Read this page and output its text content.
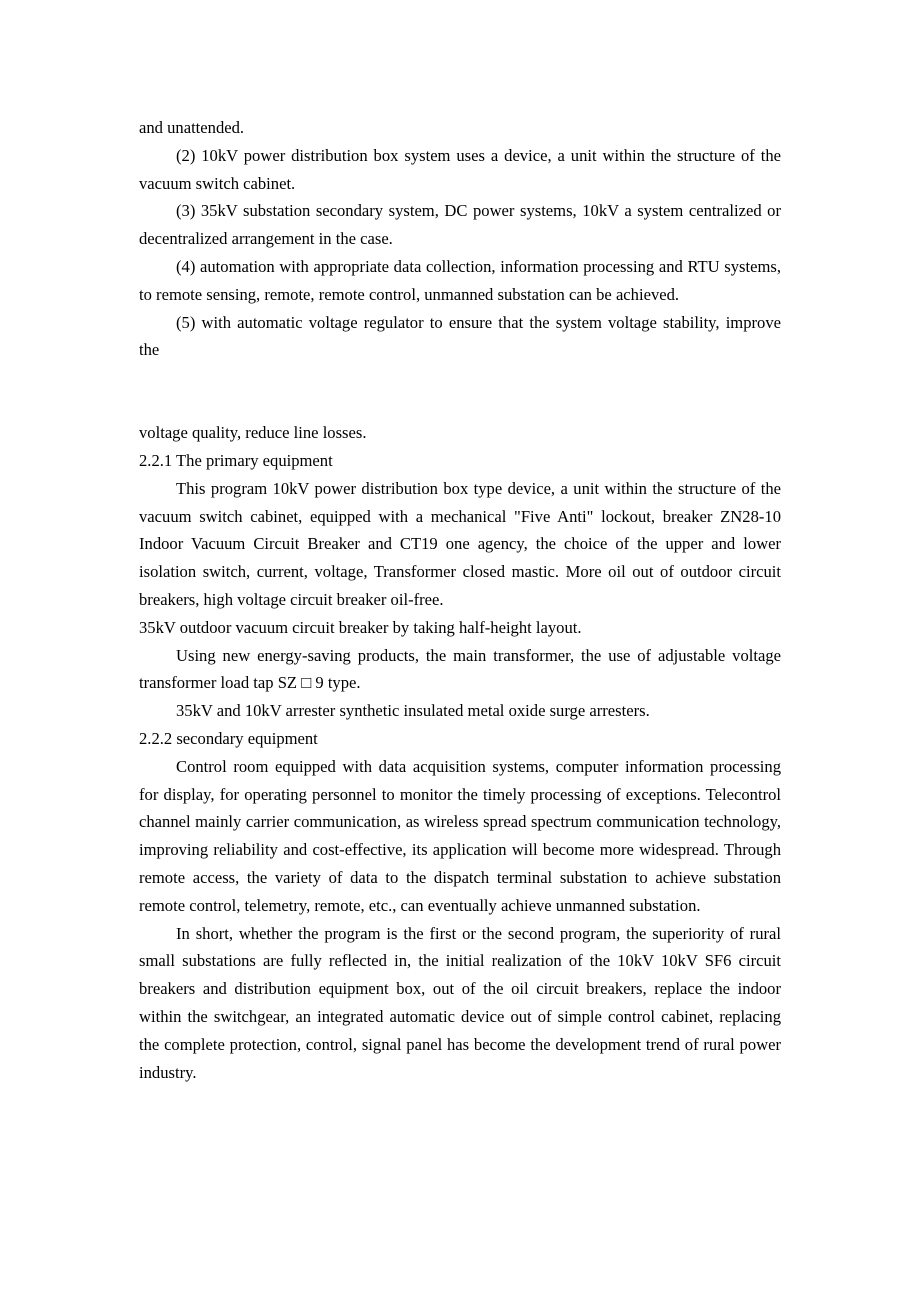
and unattended.

(2) 10kV power distribution box system uses a device, a unit within the structure of the vacuum switch cabinet.

(3) 35kV substation secondary system, DC power systems, 10kV a system centralized or decentralized arrangement in the case.

(4) automation with appropriate data collection, information processing and RTU systems, to remote sensing, remote, remote control, unmanned substation can be achieved.

(5) with automatic voltage regulator to ensure that the system voltage stability, improve the

voltage quality, reduce line losses.

2.2.1 The primary equipment

This program 10kV power distribution box type device, a unit within the structure of the vacuum switch cabinet, equipped with a mechanical "Five Anti" lockout, breaker ZN28-10 Indoor Vacuum Circuit Breaker and CT19 one agency, the choice of the upper and lower isolation switch, current, voltage, Transformer closed mastic. More oil out of outdoor circuit breakers, high voltage circuit breaker oil-free.

35kV outdoor vacuum circuit breaker by taking half-height layout.

Using new energy-saving products, the main transformer, the use of adjustable voltage transformer load tap SZ □ 9 type.

35kV and 10kV arrester synthetic insulated metal oxide surge arresters.

2.2.2 secondary equipment

Control room equipped with data acquisition systems, computer information processing for display, for operating personnel to monitor the timely processing of exceptions. Telecontrol channel mainly carrier communication, as wireless spread spectrum communication technology, improving reliability and cost-effective, its application will become more widespread. Through remote access, the variety of data to the dispatch terminal substation to achieve substation remote control, telemetry, remote, etc., can eventually achieve unmanned substation.

In short, whether the program is the first or the second program, the superiority of rural small substations are fully reflected in, the initial realization of the 10kV 10kV SF6 circuit breakers and distribution equipment box, out of the oil circuit breakers, replace the indoor within the switchgear, an integrated automatic device out of simple control cabinet, replacing the complete protection, control, signal panel has become the development trend of rural power industry.
